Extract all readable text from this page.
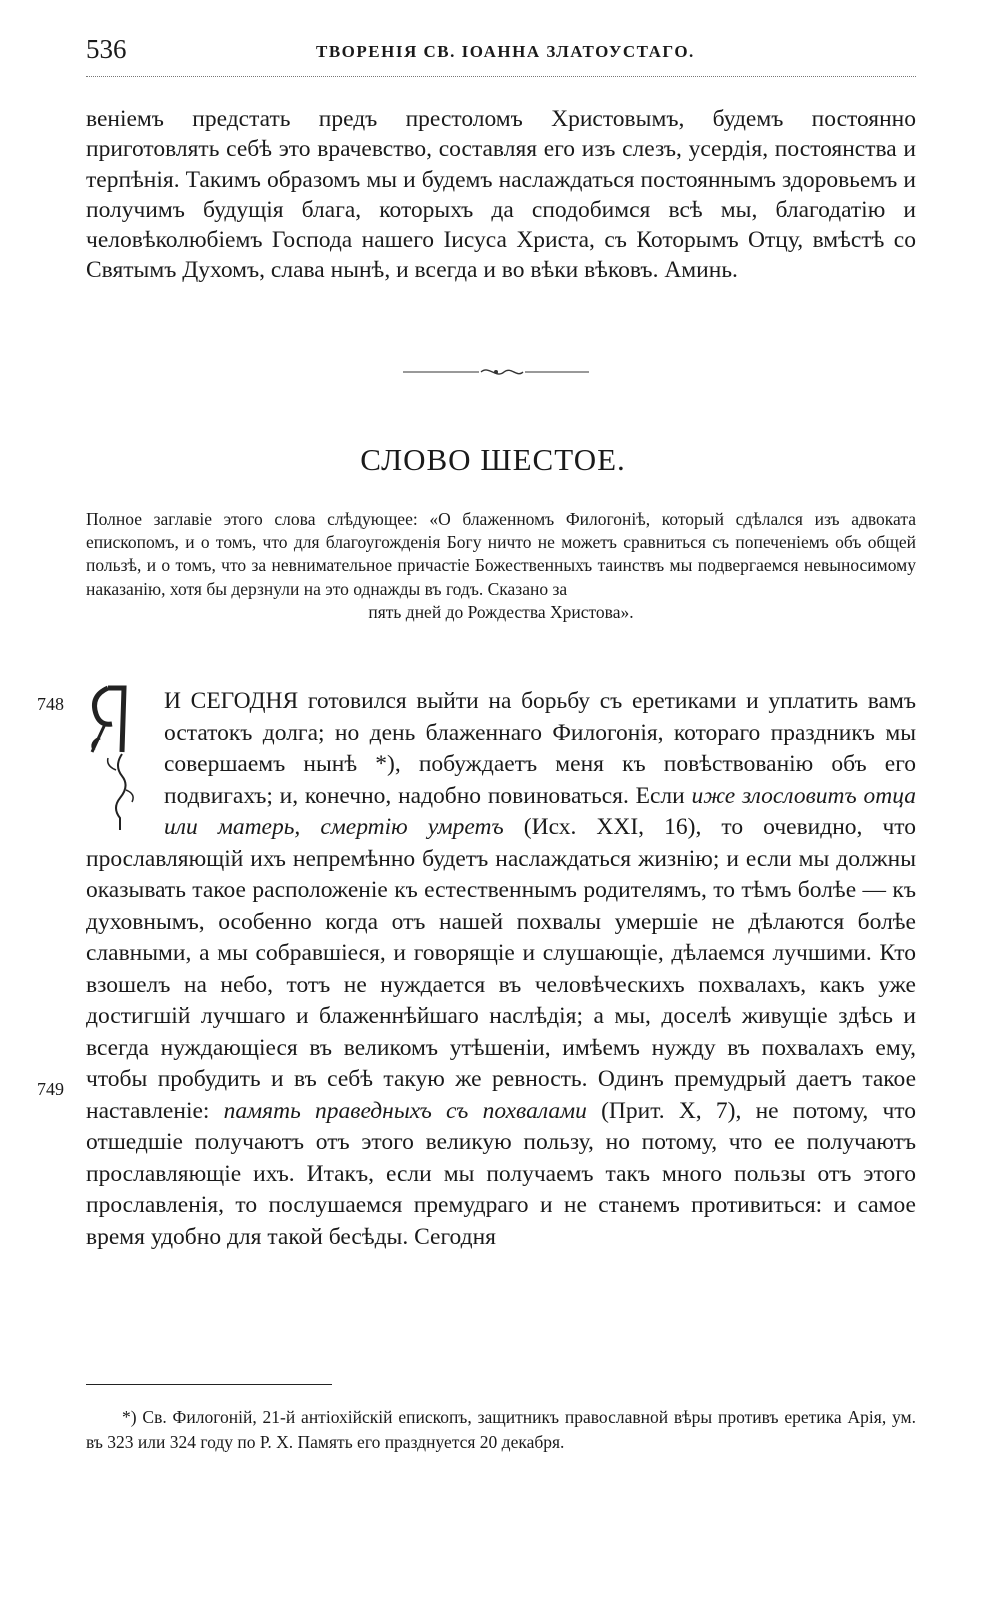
536	ТВОРЕНІЯ СВ. ІОАННА ЗЛАТОУСТАГО.

веніемъ предстать предъ престоломъ Христовымъ, будемъ постоянно приготовлять себѣ это врачевство, составляя его изъ слезъ, усердія, постоянства и терпѣнія. Такимъ образомъ мы и будемъ наслаждаться постояннымъ здоровьемъ и получимъ будущія блага, которыхъ да сподобимся всѣ мы, благодатію и человѣколюбіемъ Господа нашего Іисуса Христа, съ Которымъ Отцу, вмѣстѣ со Святымъ Духомъ, слава нынѣ, и всегда и во вѣки вѣковъ. Аминь.

СЛОВО ШЕСТОЕ.

Полное заглавіе этого слова слѣдующее: «О блаженномъ Филогоніѣ, который сдѣлался изъ адвоката епископомъ, и о томъ, что для благоугожденія Богу ничто не можетъ сравниться съ попеченіемъ объ общей пользѣ, и о томъ, что за невнимательное причастіе Божественныхъ таинствъ мы подвергаемся невыносимому наказанію, хотя бы дерзнули на это однажды въ годъ. Сказано за
пять дней до Рождества Христова».

748
749

Я И СЕГОДНЯ готовился выйти на борьбу съ еретиками и уплатить вамъ остатокъ долга; но день блаженнаго Филогонія, котораго праздникъ мы совершаемъ нынѣ *), побуждаетъ меня къ повѣствованію объ его подвигахъ; и, конечно, надобно повиноваться. Если иже злословитъ отца или матерь, смертію умретъ (Исх. XXI, 16), то очевидно, что прославляющій ихъ непремѣнно будетъ наслаждаться жизнію; и если мы должны оказывать такое расположеніе къ естественнымъ родителямъ, то тѣмъ болѣе — къ духовнымъ, особенно когда отъ нашей похвалы умершіе не дѣлаются болѣе славными, а мы собравшіеся, и говорящіе и слушающіе, дѣлаемся лучшими. Кто взошелъ на небо, тотъ не нуждается въ человѣческихъ похвалахъ, какъ уже достигшій лучшаго и блаженнѣйшаго наслѣдія; а мы, доселѣ живущіе здѣсь и всегда нуждающіеся въ великомъ утѣшеніи, имѣемъ нужду въ похвалахъ ему, чтобы пробудить и въ себѣ такую же ревность. Одинъ премудрый даетъ такое наставленіе: память праведныхъ съ похвалами (Прит. X, 7), не потому, что отшедшіе получаютъ отъ этого великую пользу, но потому, что ее получаютъ прославляющіе ихъ. Итакъ, если мы получаемъ такъ много пользы отъ этого прославленія, то послушаемся премудраго и не станемъ противиться: и самое время удобно для такой бесѣды. Сегодня

*) Св. Филогоній, 21-й антіохійскій епископъ, защитникъ православной вѣры противъ еретика Арія, ум. въ 323 или 324 году по Р. Х. Память его празднуется 20 декабря.
